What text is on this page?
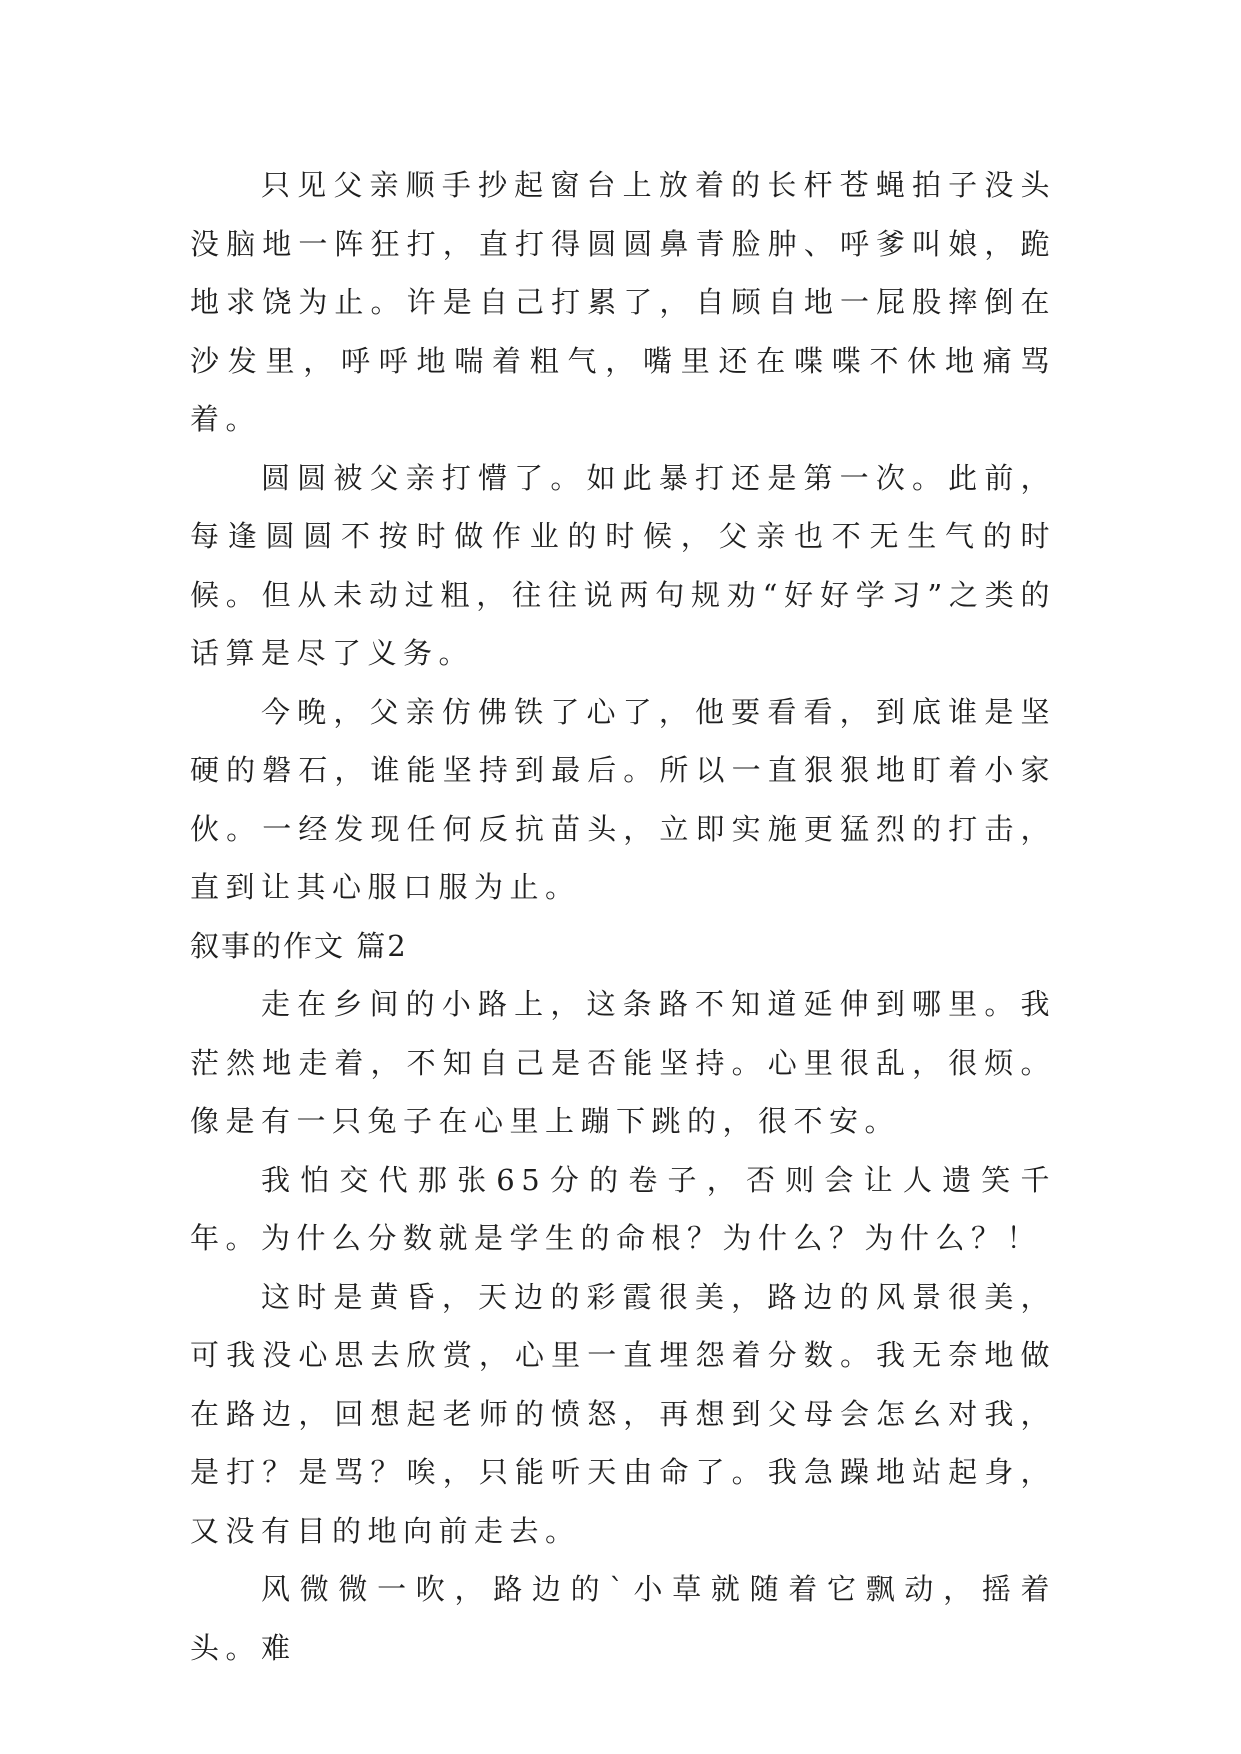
只见父亲顺手抄起窗台上放着的长杆苍蝇拍子没头没脑地一阵狂打，直打得圆圆鼻青脸肿、呼爹叫娘，跪地求饶为止。许是自己打累了，自顾自地一屁股摔倒在沙发里，呼呼地喘着粗气，嘴里还在喋喋不休地痛骂着。

圆圆被父亲打懵了。如此暴打还是第一次。此前，每逢圆圆不按时做作业的时候，父亲也不无生气的时候。但从未动过粗，往往说两句规劝“好好学习”之类的话算是尽了义务。

今晚，父亲仿佛铁了心了，他要看看，到底谁是坚硬的磐石，谁能坚持到最后。所以一直狠狠地盯着小家伙。一经发现任何反抗苗头，立即实施更猛烈的打击，直到让其心服口服为止。

叙事的作文 篇2

走在乡间的小路上，这条路不知道延伸到哪里。我茫然地走着，不知自己是否能坚持。心里很乱，很烦。像是有一只兔子在心里上蹦下跳的，很不安。

我怕交代那张65分的卷子，否则会让人遗笑千年。为什么分数就是学生的命根？为什么？为什么？！

这时是黄昏，天边的彩霞很美，路边的风景很美，可我没心思去欣赏，心里一直埋怨着分数。我无奈地做在路边，回想起老师的愤怒，再想到父母会怎幺对我，是打？是骂？唉，只能听天由命了。我急躁地站起身，又没有目的地向前走去。

风微微一吹，路边的`小草就随着它飘动，摇着头。难
